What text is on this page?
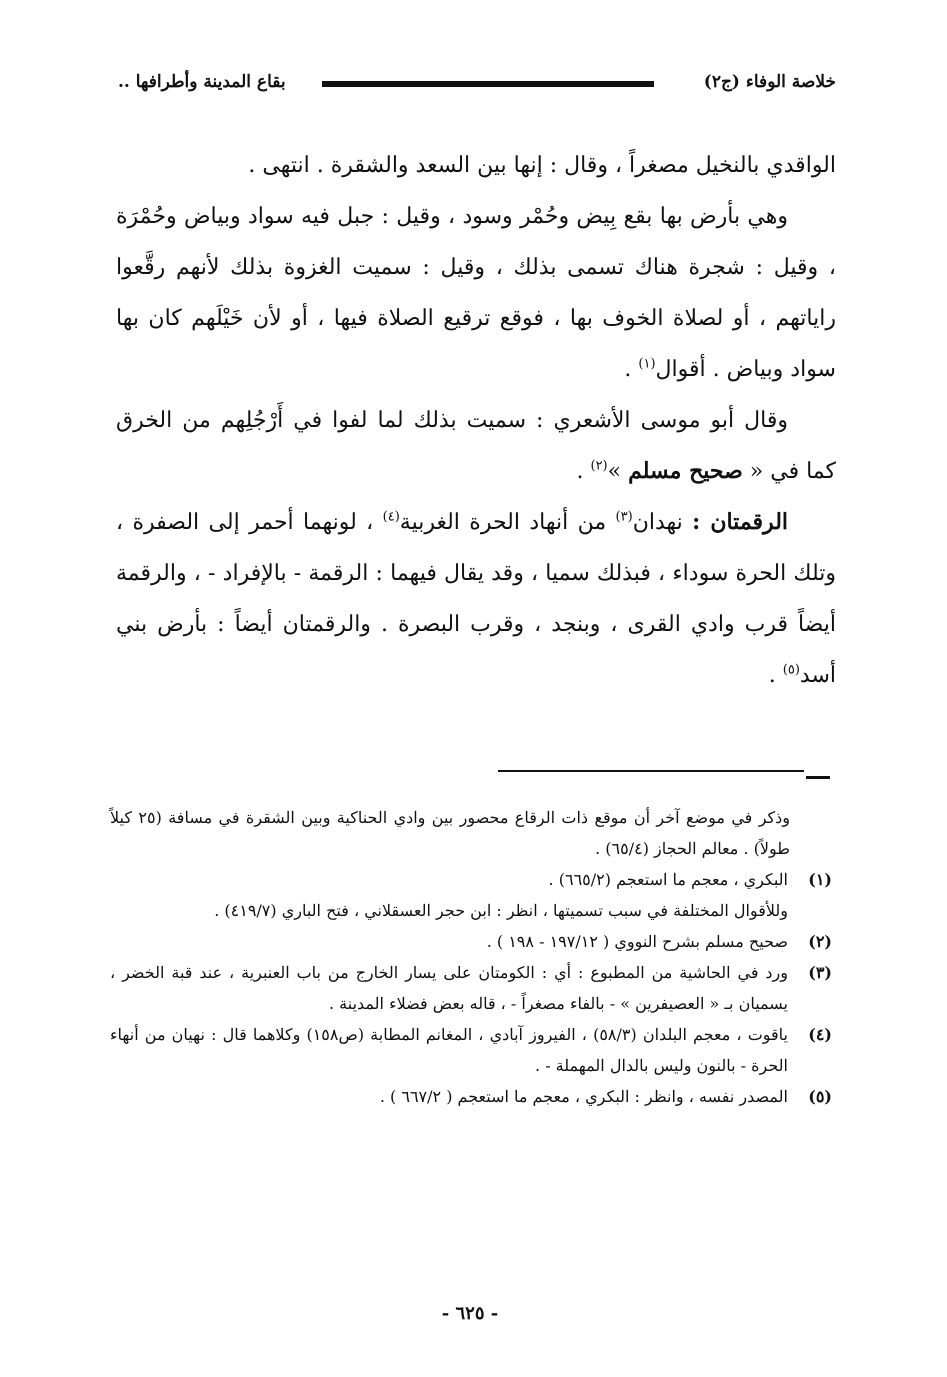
خلاصة الوفاء (ج٢)
بقاع المدينة وأطرافها ..

الواقدي بالنخيل مصغراً ، وقال : إنها بين السعد والشقرة . انتهى .

وهي بأرض بها بقع بِيض وحُمْر وسود ، وقيل : جبل فيه سواد وبياض وحُمْرَة ، وقيل : شجرة هناك تسمى بذلك ، وقيل : سميت الغزوة بذلك لأنهم رقَّعوا راياتهم ، أو لصلاة الخوف بها ، فوقع ترقيع الصلاة فيها ، أو لأن خَيْلَهم كان بها سواد وبياض . أقوال$^{(١)}$ .

وقال أبو موسى الأشعري : سميت بذلك لما لفوا في أَرْجُلِهم من الخرق كما في « صحيح مسلم »$^{(٢)}$ .

الرقمتان : نهدان$^{(٣)}$ من أنهاد الحرة الغربية$^{(٤)}$ ، لونهما أحمر إلى الصفرة ، وتلك الحرة سوداء ، فبذلك سميا ، وقد يقال فيهما : الرقمة - بالإفراد - ، والرقمة أيضاً قرب وادي القرى ، وبنجد ، وقرب البصرة . والرقمتان أيضاً : بأرض بني أسد$^{(٥)}$ .

وذكر في موضع آخر أن موقع ذات الرقاع محصور بين وادي الحناكية وبين الشقرة في مسافة (٢٥ كيلاً طولاً) . معالم الحجاز (٦٥/٤) .

(١)
البكري ، معجم ما استعجم (٦٦٥/٢) .
وللأقوال المختلفة في سبب تسميتها ، انظر : ابن حجر العسقلاني ، فتح الباري (٤١٩/٧) .
(٢)
صحيح مسلم بشرح النووي ( ١٩٧/١٢ - ١٩٨ ) .
(٣)
ورد في الحاشية من المطبوع : أي : الكومتان على يسار الخارج من باب العنبرية ، عند قبة الخضر ، يسميان بـ « العصيفرين » - بالفاء مصغراً - ، قاله بعض فضلاء المدينة .
(٤)
ياقوت ، معجم البلدان (٥٨/٣) ، الفيروز آبادي ، المغانم المطابة (ص١٥٨) وكلاهما قال : نهيان من أنهاء الحرة - بالنون وليس بالدال المهملة - .
(٥)
المصدر نفسه ، وانظر : البكري ، معجم ما استعجم ( ٦٦٧/٢ ) .
- ٦٢٥ -
